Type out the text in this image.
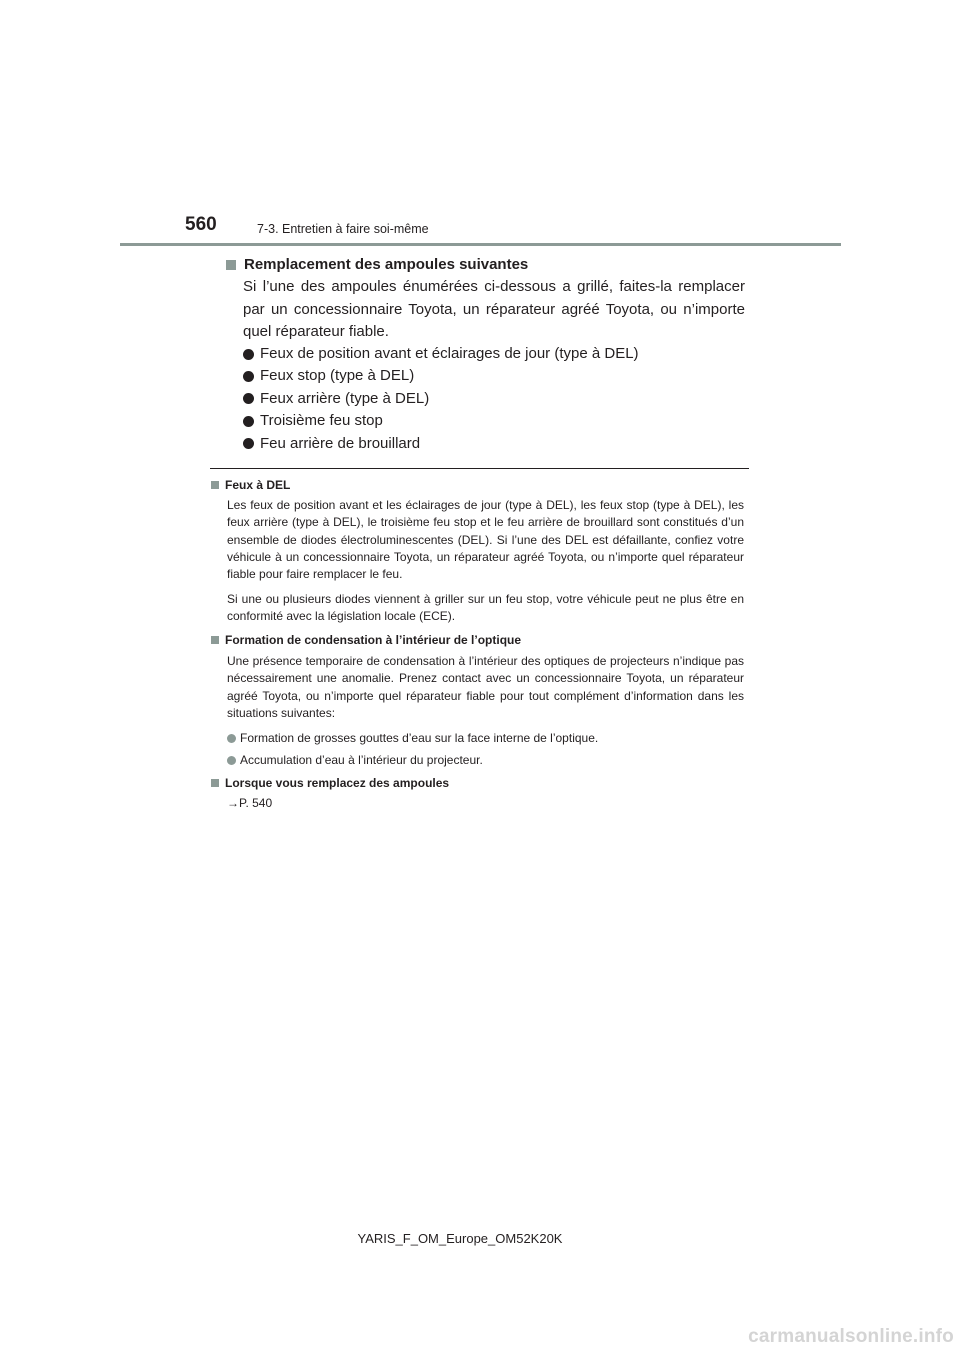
560	7-3. Entretien à faire soi-même
Remplacement des ampoules suivantes
Si l’une des ampoules énumérées ci-dessous a grillé, faites-la remplacer par un concessionnaire Toyota, un réparateur agréé Toyota, ou n’importe quel réparateur fiable.
Feux de position avant et éclairages de jour (type à DEL)
Feux stop (type à DEL)
Feux arrière (type à DEL)
Troisième feu stop
Feu arrière de brouillard
Feux à DEL
Les feux de position avant et les éclairages de jour (type à DEL), les feux stop (type à DEL), les feux arrière (type à DEL), le troisième feu stop et le feu arrière de brouillard sont constitués d’un ensemble de diodes électroluminescentes (DEL). Si l’une des DEL est défaillante, confiez votre véhicule à un concessionnaire Toyota, un réparateur agréé Toyota, ou n’importe quel réparateur fiable pour faire remplacer le feu.
Si une ou plusieurs diodes viennent à griller sur un feu stop, votre véhicule peut ne plus être en conformité avec la législation locale (ECE).
Formation de condensation à l’intérieur de l’optique
Une présence temporaire de condensation à l’intérieur des optiques de projecteurs n’indique pas nécessairement une anomalie. Prenez contact avec un concessionnaire Toyota, un réparateur agréé Toyota, ou n’importe quel réparateur fiable pour tout complément d’information dans les situations suivantes:
Formation de grosses gouttes d’eau sur la face interne de l’optique.
Accumulation d’eau à l’intérieur du projecteur.
Lorsque vous remplacez des ampoules
→P. 540
YARIS_F_OM_Europe_OM52K20K
carmanualsonline.info
